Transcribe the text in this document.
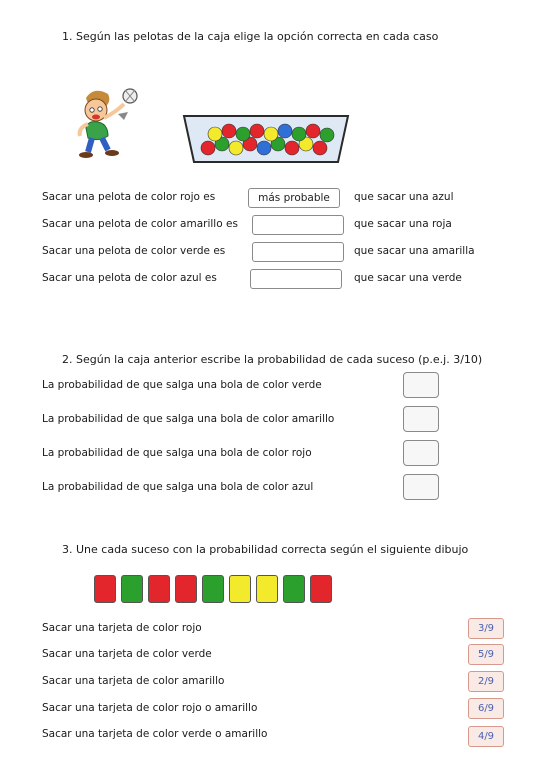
1. Según las pelotas de la caja elige la opción correcta en cada caso
Sacar una pelota de color rojo es	más probable	que sacar una azul
Sacar una pelota de color amarillo es	que sacar una roja
Sacar una pelota de color verde es	que sacar una amarilla
Sacar una pelota de color azul es	que sacar una verde
2. Según la caja anterior escribe la probabilidad de cada suceso (p.e.j. 3/10)
La probabilidad de que salga una bola de color verde
La probabilidad de que salga una bola de color amarillo
La probabilidad de que salga una bola de color rojo
La probabilidad de que salga una bola de color azul
3. Une cada suceso con la probabilidad correcta según el siguiente dibujo
Sacar una tarjeta de color rojo	3/9
Sacar una tarjeta de color verde	5/9
Sacar una tarjeta de color amarillo	2/9
Sacar una tarjeta de color rojo o amarillo	6/9
Sacar una tarjeta de color verde o amarillo	4/9
